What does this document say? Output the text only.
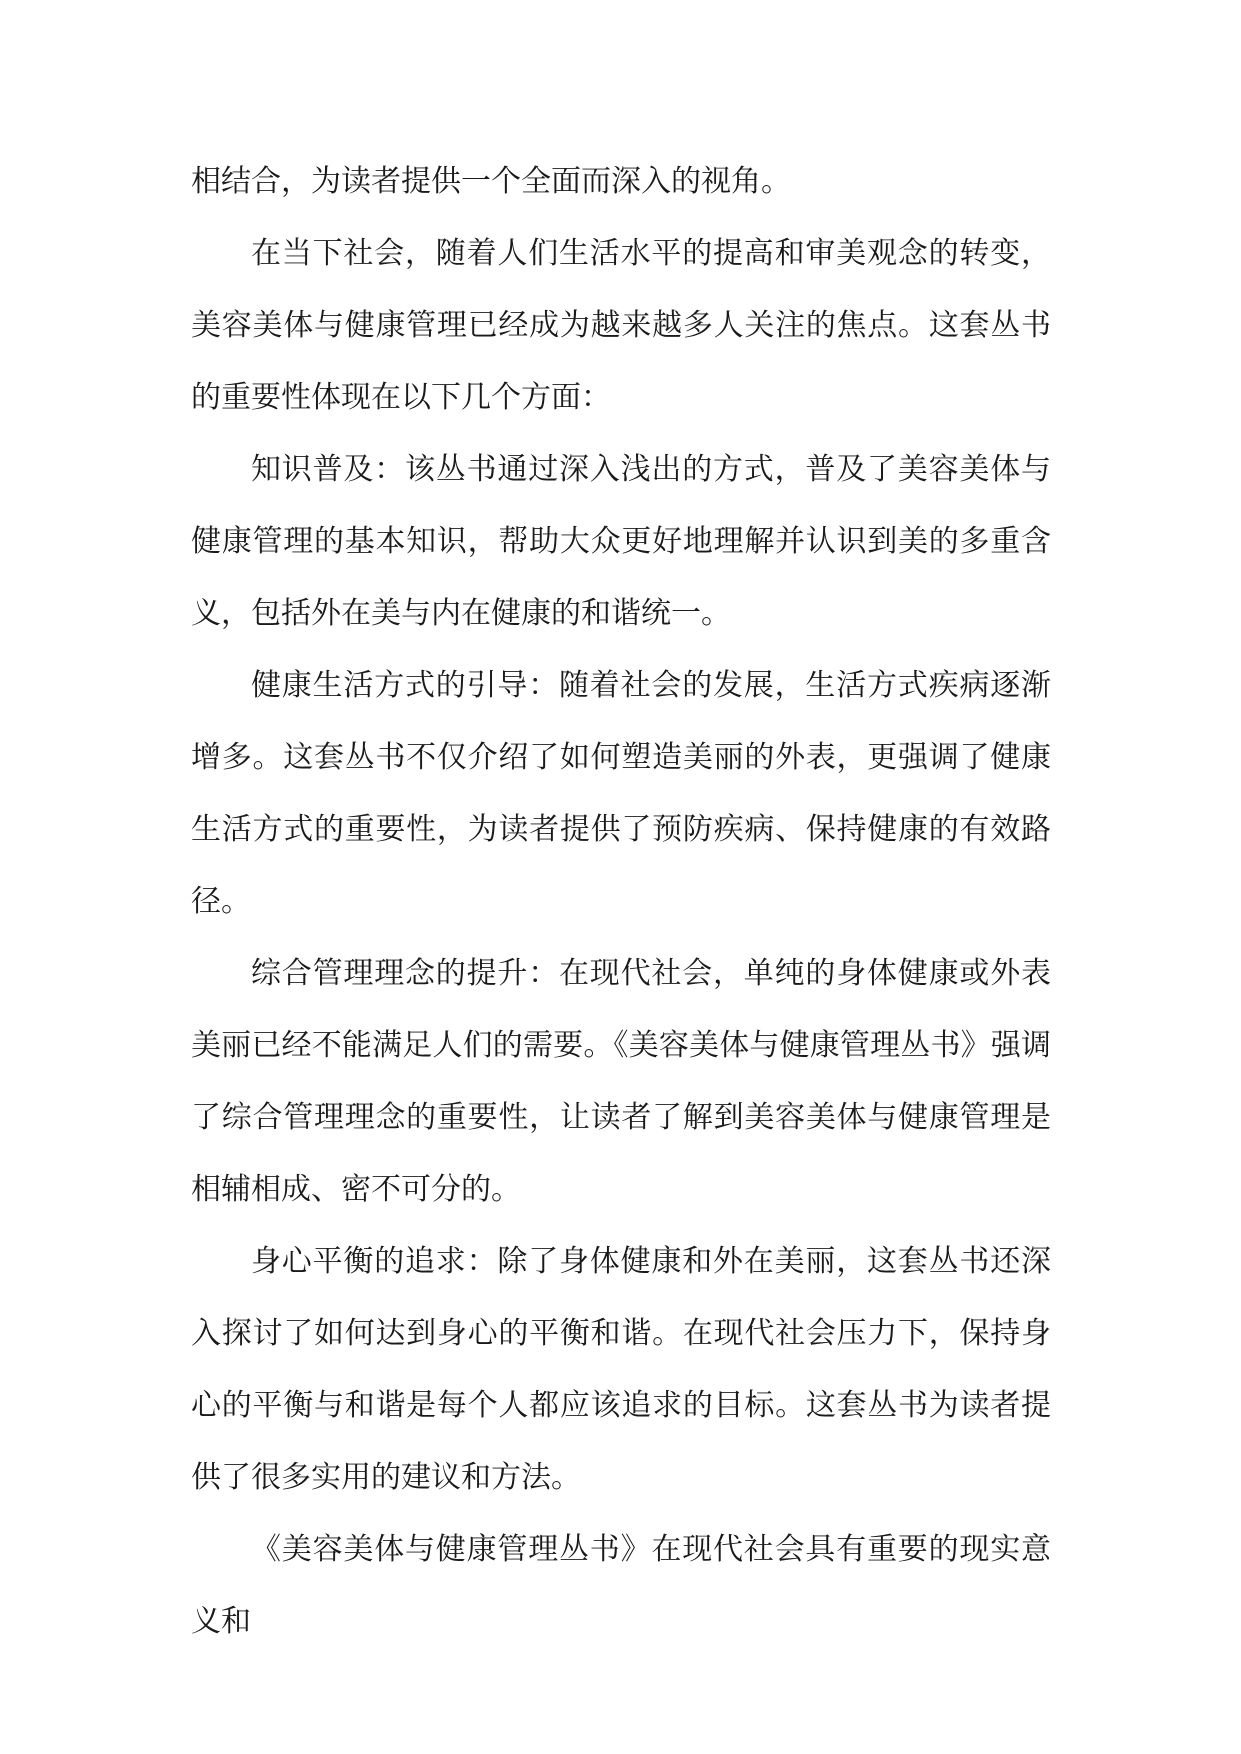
相结合，为读者提供一个全面而深入的视角。

在当下社会，随着人们生活水平的提高和审美观念的转变，美容美体与健康管理已经成为越来越多人关注的焦点。这套丛书的重要性体现在以下几个方面：

知识普及：该丛书通过深入浅出的方式，普及了美容美体与健康管理的基本知识，帮助大众更好地理解并认识到美的多重含义，包括外在美与内在健康的和谐统一。

健康生活方式的引导：随着社会的发展，生活方式疾病逐渐增多。这套丛书不仅介绍了如何塑造美丽的外表，更强调了健康生活方式的重要性，为读者提供了预防疾病、保持健康的有效路径。

综合管理理念的提升：在现代社会，单纯的身体健康或外表美丽已经不能满足人们的需要。《美容美体与健康管理丛书》强调了综合管理理念的重要性，让读者了解到美容美体与健康管理是相辅相成、密不可分的。

身心平衡的追求：除了身体健康和外在美丽，这套丛书还深入探讨了如何达到身心的平衡和谐。在现代社会压力下，保持身心的平衡与和谐是每个人都应该追求的目标。这套丛书为读者提供了很多实用的建议和方法。

《美容美体与健康管理丛书》在现代社会具有重要的现实意义和
